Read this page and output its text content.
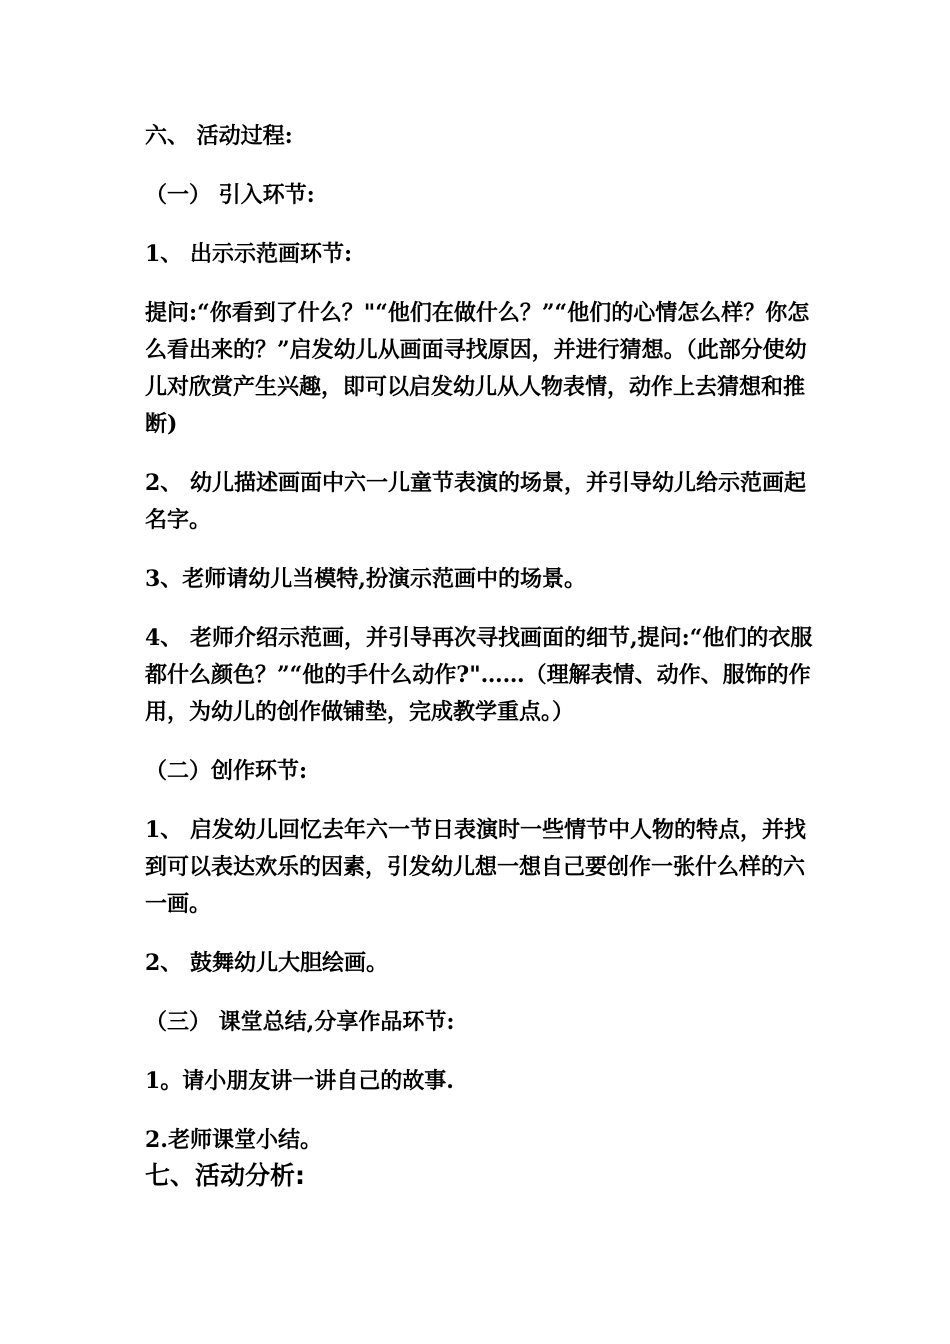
六、 活动过程:

（一） 引入环节:

1、 出示示范画环节:

提问:“你看到了什么？"“他们在做什么？”“他们的心情怎么样？你怎么看出来的？”启发幼儿从画面寻找原因，并进行猜想。（此部分使幼儿对欣赏产生兴趣，即可以启发幼儿从人物表情，动作上去猜想和推断)

2、 幼儿描述画面中六一儿童节表演的场景，并引导幼儿给示范画起名字。

3、老师请幼儿当模特,扮演示范画中的场景。

4、 老师介绍示范画，并引导再次寻找画面的细节,提问:“他们的衣服都什么颜色？”“他的手什么动作?"……（理解表情、动作、服饰的作用，为幼儿的创作做铺垫，完成教学重点。）

（二）创作环节:

1、 启发幼儿回忆去年六一节日表演时一些情节中人物的特点，并找到可以表达欢乐的因素，引发幼儿想一想自己要创作一张什么样的六一画。

2、 鼓舞幼儿大胆绘画。

（三） 课堂总结,分享作品环节:

1。请小朋友讲一讲自己的故事.

2.老师课堂小结。

七、活动分析:
